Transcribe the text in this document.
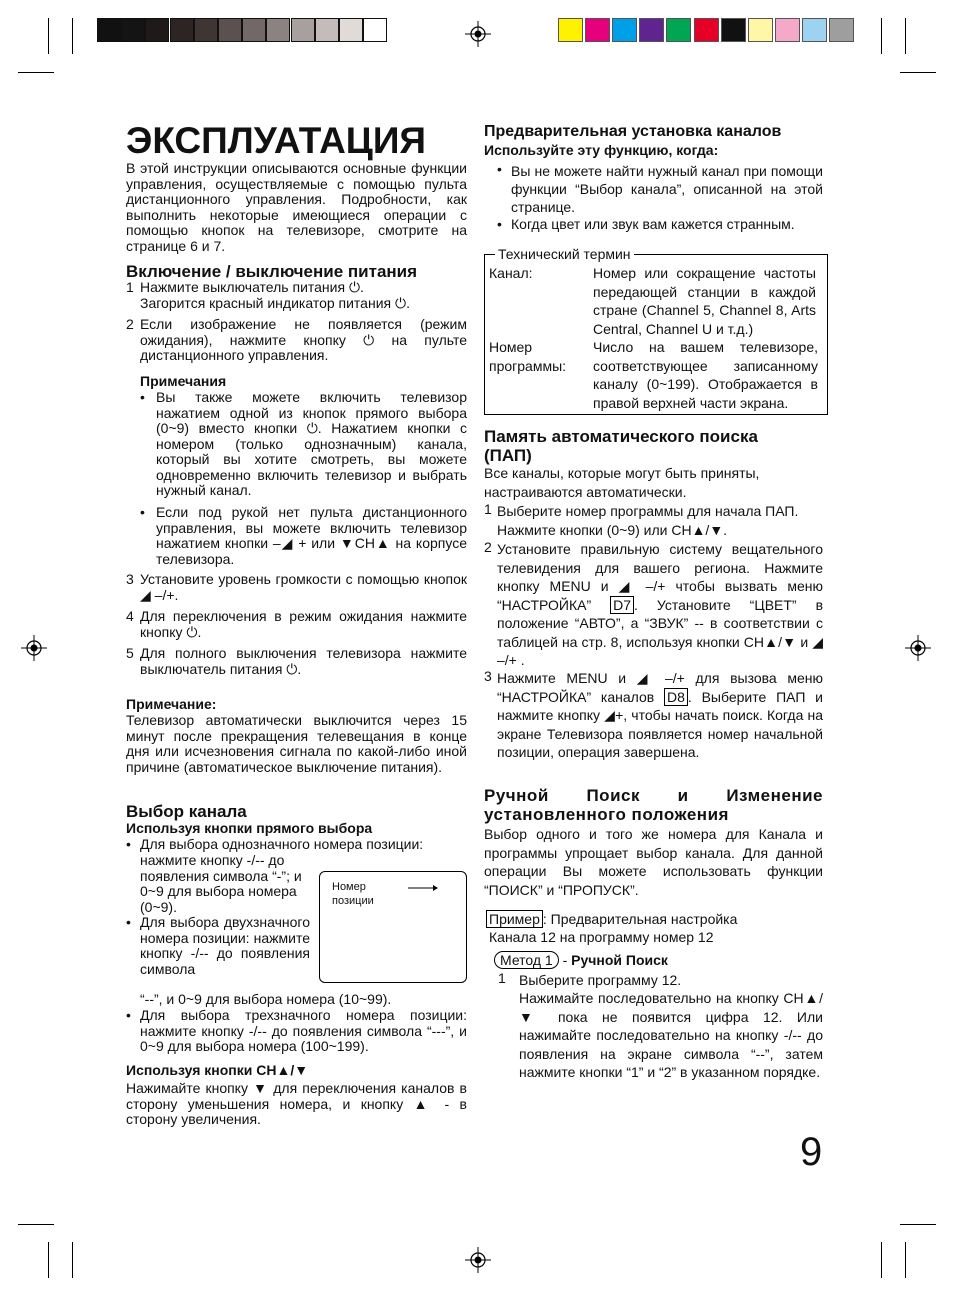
ЭКСПЛУАТАЦИЯ
В этой инструкции описываются основные функции управления, осуществляемые с помощью пульта дистанционного управления. Подробности, как выполнить некоторые имеющиеся операции с помощью кнопок на телевизоре, смотрите на странице 6 и 7.
Включение / выключение питания
1 Нажмите выключатель питания ⏻.
Загорится красный индикатор питания ⏻.
2 Если изображение не появляется (режим ожидания), нажмите кнопку ⏻ на пульте дистанционного управления.
Примечания
• Вы также можете включить телевизор нажатием одной из кнопок прямого выбора (0~9) вместо кнопки ⏻. Нажатием кнопки с номером (только однозначным) канала, который вы хотите смотреть, вы можете одновременно включить телевизор и выбрать нужный канал.
• Если под рукой нет пульта дистанционного управления, вы можете включить телевизор нажатием кнопки –◢ + или ▼CH▲ на корпусе телевизора.
3 Установите уровень громкости с помощью кнопок ◢ –/+.
4 Для переключения в режим ожидания нажмите кнопку ⏻.
5 Для полного выключения телевизора нажмите выключатель питания ⏻.
Примечание:
Телевизор автоматически выключится через 15 минут после прекращения телевещания в конце дня или исчезновения сигнала по какой-либо иной причине (автоматическое выключение питания).
Выбор канала
Используя кнопки прямого выбора
• Для выбора однозначного номера позиции:
нажмите кнопку -/-- до появления символа “-”; и 0~9 для выбора номера (0~9).
Номер позиции
• Для выбора двухзначного номера позиции: нажмите кнопку -/-- до появления символа
“--”, и 0~9 для выбора номера (10~99).
• Для выбора трехзначного номера позиции: нажмите кнопку -/-- до появления символа “---”, и 0~9 для выбора номера (100~199).
Используя кнопки CH▲/▼
Нажимайте кнопку ▼ для переключения каналов в сторону уменьшения номера, и кнопку ▲ - в сторону увеличения.
Предварительная установка каналов
Используйте эту функцию, когда:
• Вы не можете найти нужный канал при помощи функции “Выбор канала”, описанной на этой странице.
• Когда цвет или звук вам кажется странным.
Технический термин
Канал:	Номер или сокращение частоты передающей станции в каждой стране (Channel 5, Channel 8, Arts Central, Channel U и т.д.)
Номер программы:
Число на вашем телевизоре, соответствующее записанному каналу (0~199). Отображается в правой верхней части экрана.
Память автоматического поиска (ПАП)
Все каналы, которые могут быть приняты, настраиваются автоматически.
1 Выберите номер программы для начала ПАП. Нажмите кнопки (0~9) или CH▲/▼.
2 Установите правильную систему вещательного телевидения для вашего региона. Нажмите кнопку MENU и ◢ –/+ чтобы вызвать меню “НАСТРОЙКА” D7 . Установите “ЦВЕТ” в положение “АВТО”, а “ЗВУК” -- в соответствии с таблицей на стр. 8, используя кнопки CH▲/▼ и ◢ –/+ .
3 Нажмите MENU и ◢ –/+ для вызова меню “НАСТРОЙКА” каналов D8 . Выберите ПАП и нажмите кнопку ◢+, чтобы начать поиск. Когда на экране Телевизора появляется номер начальной позиции, операция завершена.
Ручной Поиск и Изменение установленного положения
Выбор одного и того же номера для Канала и программы упрощает выбор канала. Для данной операции Вы можете использовать функции “ПОИСК” и “ПРОПУСК”.
Пример : Предварительная настройка
Канала 12 на программу номер 12
Метод 1 - Ручной Поиск
1 Выберите программу 12.
Нажимайте последовательно на кнопку CH▲/▼ пока не появится цифра 12. Или нажимайте последовательно на кнопку -/-- до появления на экране символа “--”, затем нажмите кнопки “1” и “2” в указанном порядке.
9
